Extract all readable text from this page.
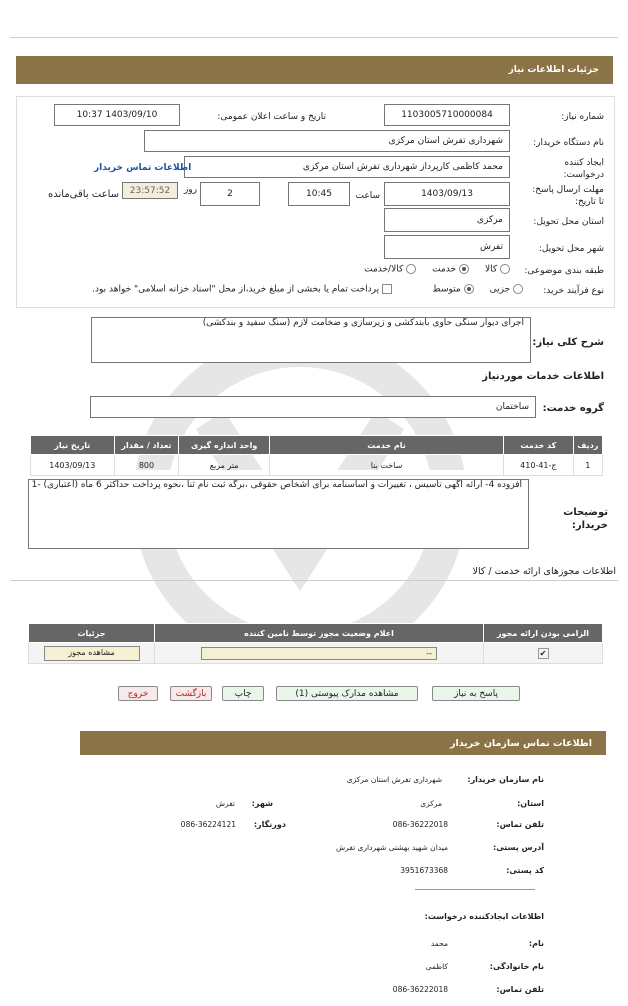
جزئیات اطلاعات نیاز
شماره نیاز:
1103005710000084
تاریخ و ساعت اعلان عمومی:
1403/09/10 10:37
نام دستگاه خریدار:
شهرداری تفرش استان مرکزی
ایجاد کننده درخواست:
محمد کاظمی کارپرداز شهرداری تفرش استان مرکزی
اطلاعات تماس خریدار
مهلت ارسال پاسخ: تا تاریخ:
1403/09/13
ساعت
10:45
2
روز
23:57:52
ساعت باقی‌مانده
استان محل تحویل:
مرکزی
شهر محل تحویل:
تفرش
طبقه بندی موضوعی:
کالا
خدمت
کالا/خدمت
نوع فرآیند خرید:
جزیی
متوسط
پرداخت تمام یا بخشی از مبلغ خرید،از محل "اسناد خزانه اسلامی" خواهد بود.
شرح کلی نیاز:
اجرای دیوار سنگی حاوی بابندکشی و زیرسازی و ضخامت لازم (سنگ سفید و بندکشی)
اطلاعات خدمات موردنیاز
گروه خدمت:
ساختمان
ردیف	کد خدمت	نام خدمت	واحد اندازه گیری	تعداد / مقدار	تاریخ نیاز
1	ج-41-410	ساخت بنا	متر مربع	800	1403/09/13
توضیحات خریدار:
افزوده 4- ارائه آگهی تاسیس ، تغییرات و اساسنامه برای اشخاص حقوقی ،برگه ثبت نام ثنا ،نحوه پرداخت حداکثر 6 ماه (اعتباری) -1
اطلاعات مجوزهای ارائه خدمت / کالا
الزامی بودن ارائه مجوز	اعلام وضعیت مجوز توسط نامین کننده	جزئیات
✔	--	مشاهده مجوز
پاسخ به نیاز
مشاهده مدارک پیوستی (1)
چاپ
بازگشت
خروج
اطلاعات تماس سازمان خریدار
نام سازمان خریدار:
شهرداری تفرش استان مرکزی
استان:
مرکزی
شهر:
تفرش
تلفن تماس:
086-36222018
دورنگار:
086-36224121
آدرس پستی:
میدان شهید بهشتی شهرداری تفرش
کد پستی:
3951673368
اطلاعات ایجادکننده درخواست:
نام:
محمد
نام خانوادگی:
کاظمی
تلفن تماس:
086-36222018
